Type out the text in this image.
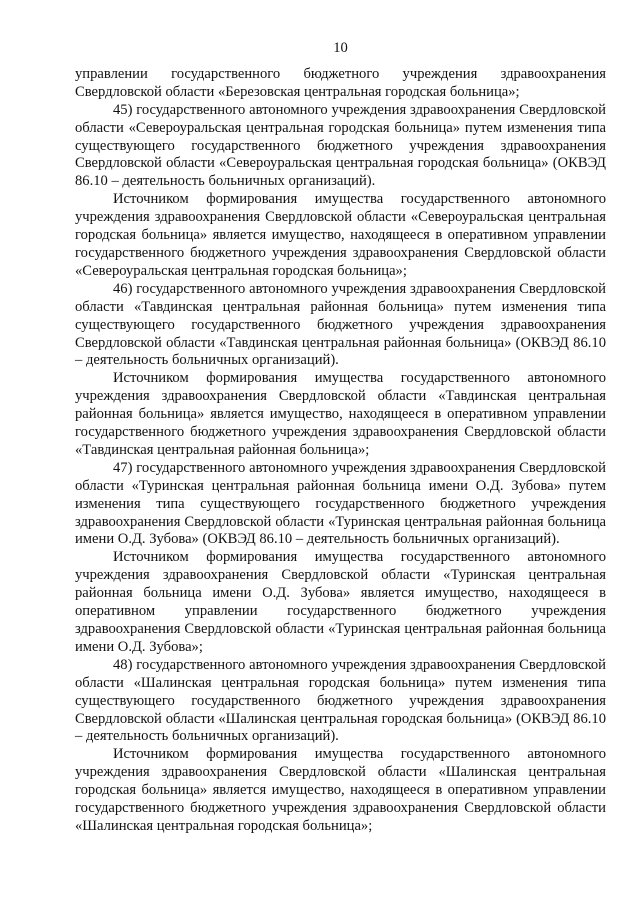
10

управлении государственного бюджетного учреждения здравоохранения Свердловской области «Березовская центральная городская больница»;

45) государственного автономного учреждения здравоохранения Свердловской области «Североуральская центральная городская больница» путем изменения типа существующего государственного бюджетного учреждения здравоохранения Свердловской области «Североуральская центральная городская больница» (ОКВЭД 86.10 – деятельность больничных организаций).

Источником формирования имущества государственного автономного учреждения здравоохранения Свердловской области «Североуральская центральная городская больница» является имущество, находящееся в оперативном управлении государственного бюджетного учреждения здравоохранения Свердловской области «Североуральская центральная городская больница»;

46) государственного автономного учреждения здравоохранения Свердловской области «Тавдинская центральная районная больница» путем изменения типа существующего государственного бюджетного учреждения здравоохранения Свердловской области «Тавдинская центральная районная больница» (ОКВЭД 86.10 – деятельность больничных организаций).

Источником формирования имущества государственного автономного учреждения здравоохранения Свердловской области «Тавдинская центральная районная больница» является имущество, находящееся в оперативном управлении государственного бюджетного учреждения здравоохранения Свердловской области «Тавдинская центральная районная больница»;

47) государственного автономного учреждения здравоохранения Свердловской области «Туринская центральная районная больница имени О.Д. Зубова» путем изменения типа существующего государственного бюджетного учреждения здравоохранения Свердловской области «Туринская центральная районная больница имени О.Д. Зубова» (ОКВЭД 86.10 – деятельность больничных организаций).

Источником формирования имущества государственного автономного учреждения здравоохранения Свердловской области «Туринская центральная районная больница имени О.Д. Зубова» является имущество, находящееся в оперативном управлении государственного бюджетного учреждения здравоохранения Свердловской области «Туринская центральная районная больница имени О.Д. Зубова»;

48) государственного автономного учреждения здравоохранения Свердловской области «Шалинская центральная городская больница» путем изменения типа существующего государственного бюджетного учреждения здравоохранения Свердловской области «Шалинская центральная городская больница» (ОКВЭД 86.10 – деятельность больничных организаций).

Источником формирования имущества государственного автономного учреждения здравоохранения Свердловской области «Шалинская центральная городская больница» является имущество, находящееся в оперативном управлении государственного бюджетного учреждения здравоохранения Свердловской области «Шалинская центральная городская больница»;
